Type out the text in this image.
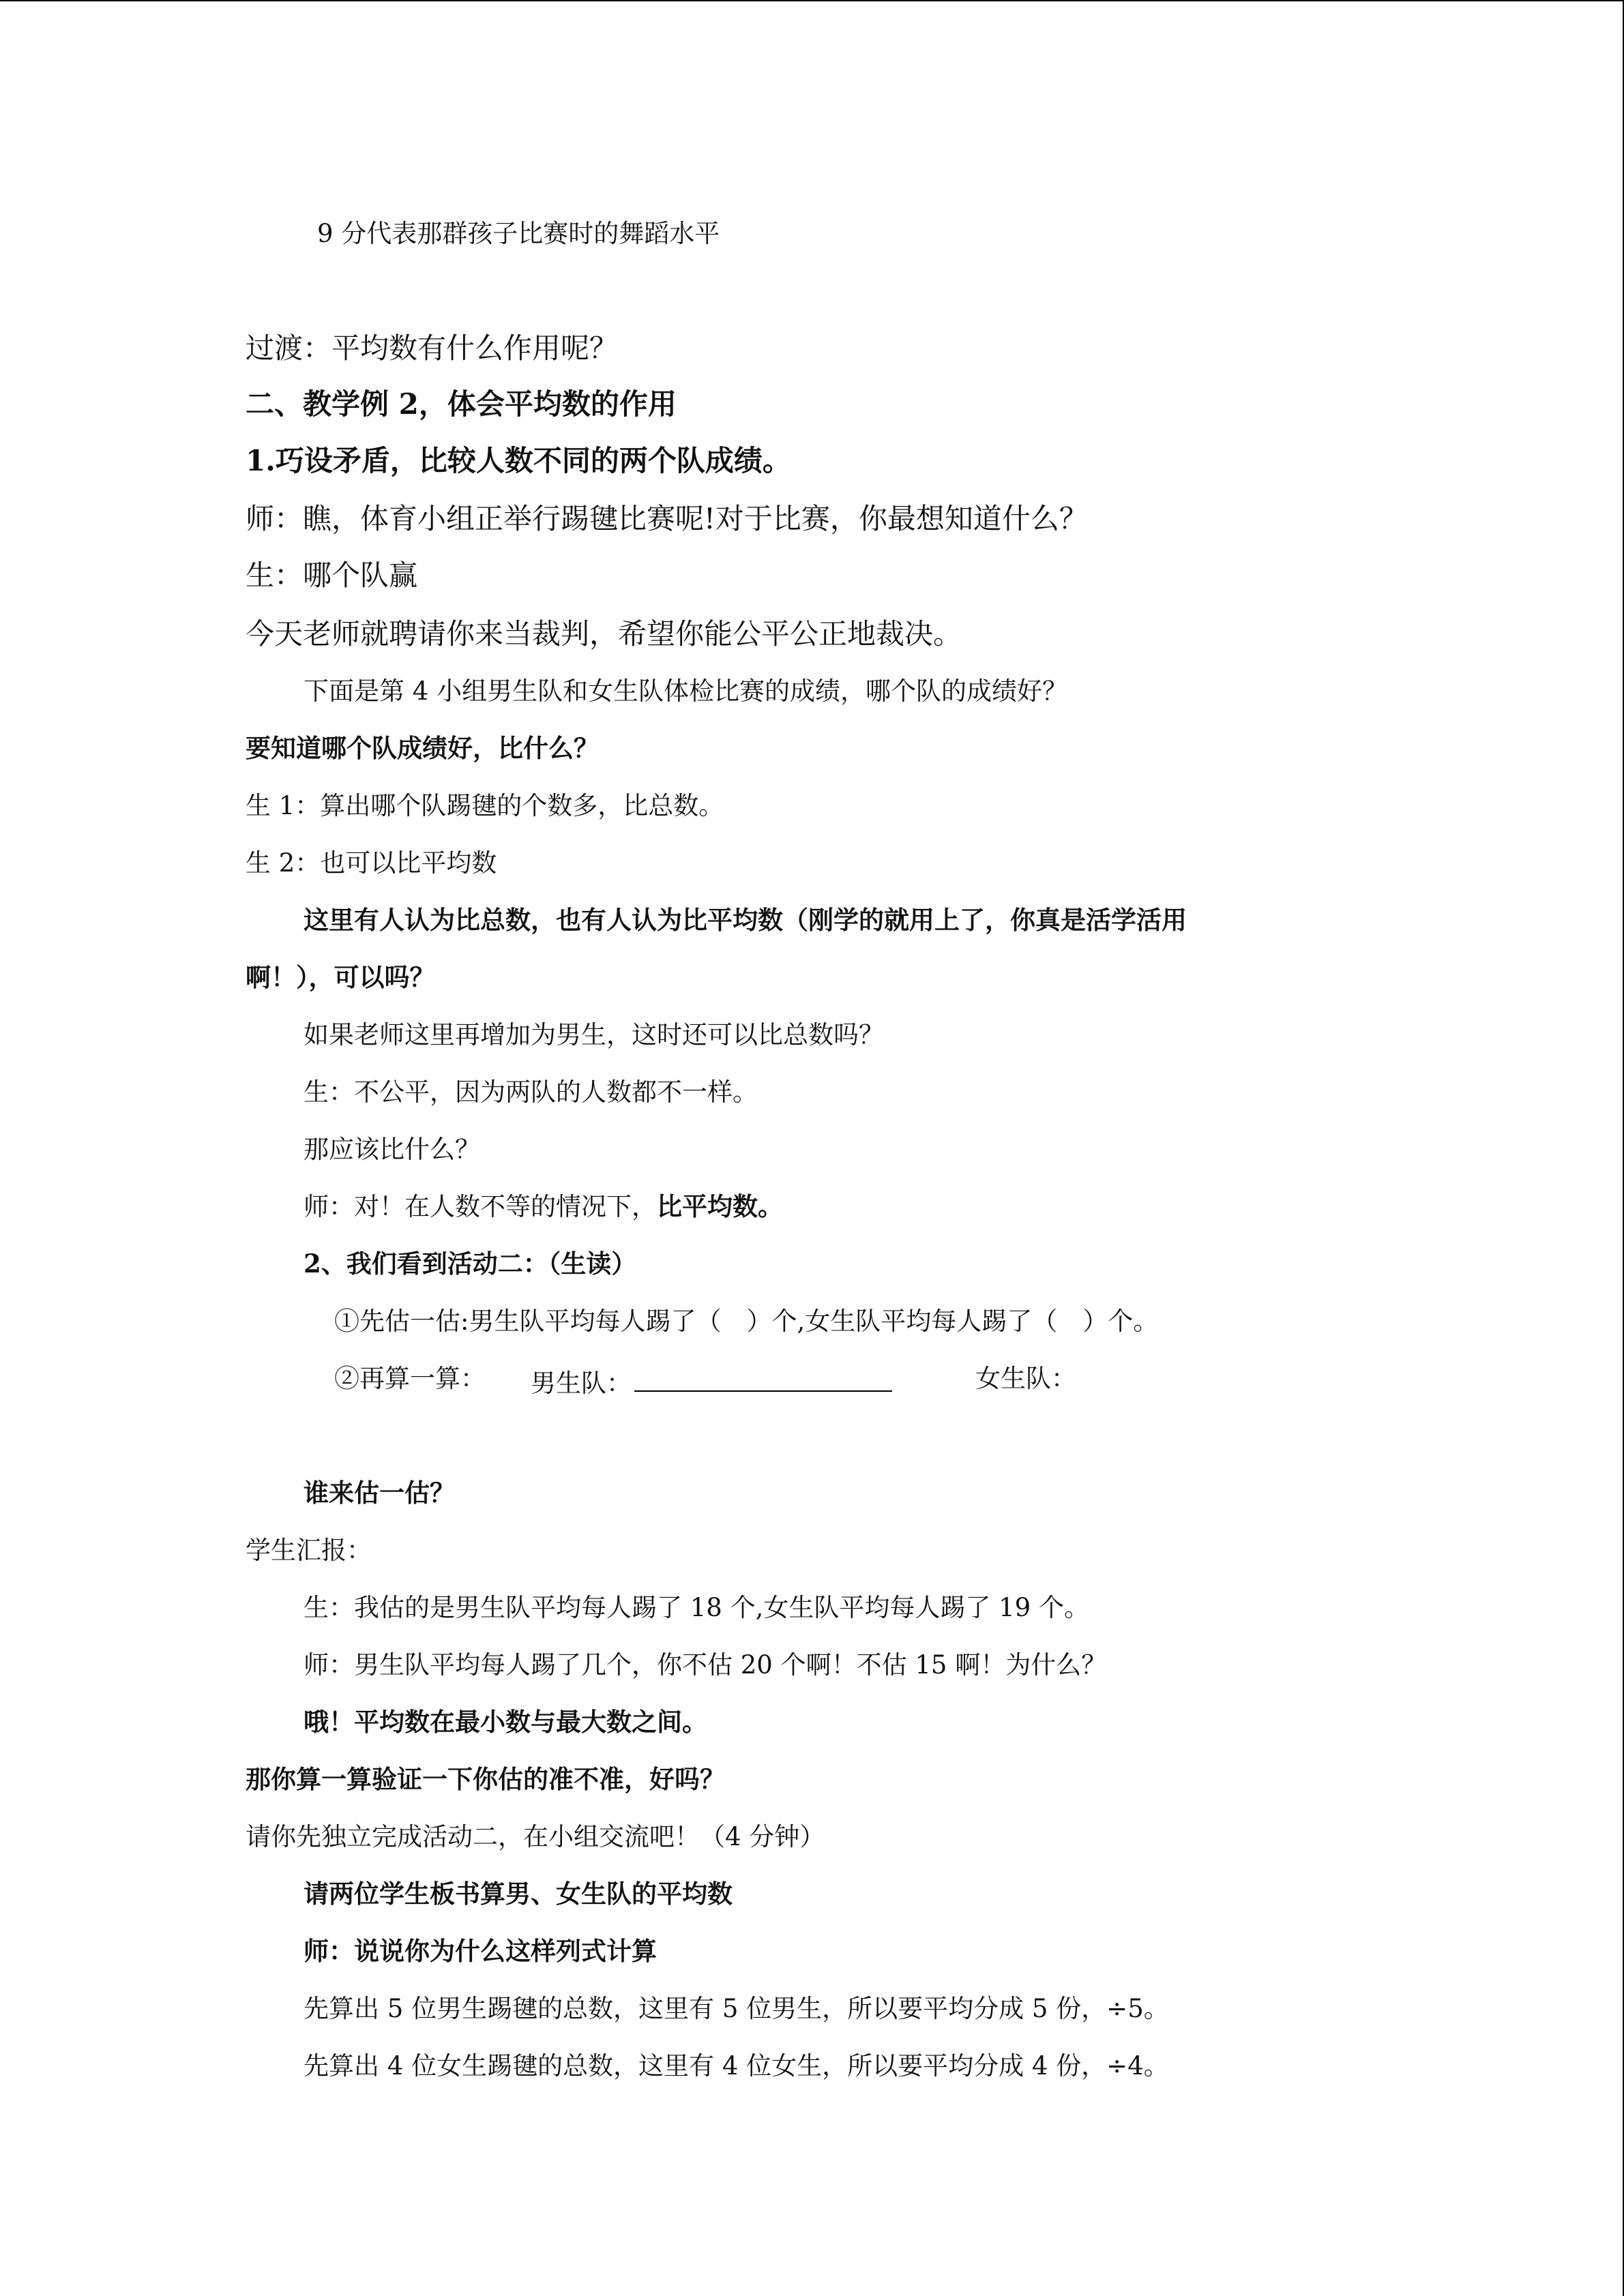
9 分代表那群孩子比赛时的舞蹈水平
过渡：平均数有什么作用呢？
二、教学例 2，体会平均数的作用
1.巧设矛盾，比较人数不同的两个队成绩。
师：瞧，体育小组正举行踢毽比赛呢!对于比赛，你最想知道什么？
生：哪个队赢
今天老师就聘请你来当裁判，希望你能公平公正地裁决。
下面是第 4 小组男生队和女生队体检比赛的成绩，哪个队的成绩好？
要知道哪个队成绩好，比什么？
生 1：算出哪个队踢毽的个数多，比总数。
生 2：也可以比平均数
这里有人认为比总数，也有人认为比平均数（刚学的就用上了，你真是活学活用
啊！），可以吗？
如果老师这里再增加为男生，这时还可以比总数吗？
生：不公平，因为两队的人数都不一样。
那应该比什么？
师：对！在人数不等的情况下，比平均数。
2、我们看到活动二：（生读）
①先估一估:男生队平均每人踢了（　）个,女生队平均每人踢了（　）个。
②再算一算： 男生队：	女生队：
谁来估一估？
学生汇报：
生：我估的是男生队平均每人踢了 18 个,女生队平均每人踢了 19 个。
师：男生队平均每人踢了几个，你不估 20 个啊！不估 15 啊！为什么？
哦！平均数在最小数与最大数之间。
那你算一算验证一下你估的准不准，好吗？
请你先独立完成活动二，在小组交流吧！（4 分钟）
请两位学生板书算男、女生队的平均数
师：说说你为什么这样列式计算
先算出 5 位男生踢毽的总数，这里有 5 位男生，所以要平均分成 5 份，÷5。
先算出 4 位女生踢毽的总数，这里有 4 位女生，所以要平均分成 4 份，÷4。
